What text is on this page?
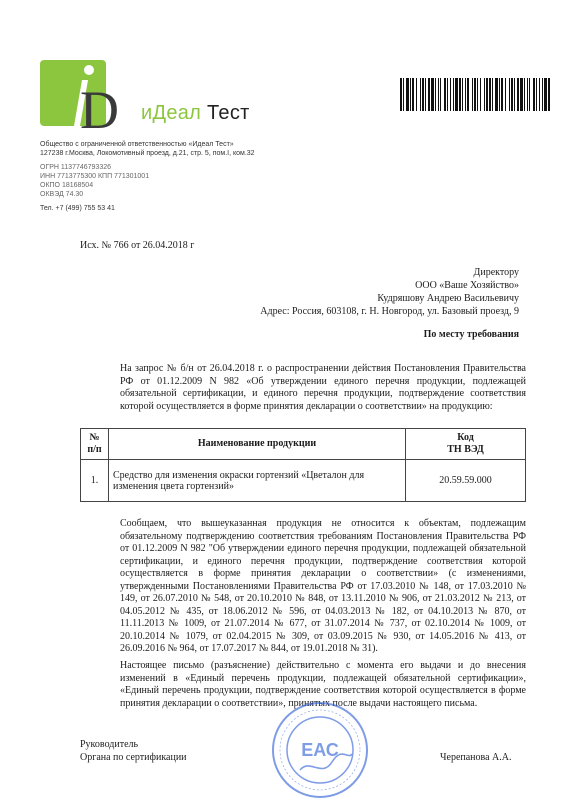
D иДеал Тест
Общество с ограниченной ответственностью «Идеал Тест»
127238 г.Москва, Локомотивный проезд, д.21, стр. 5, пом.I, ком.32
ОГРН 1137746793326
ИНН 7713775300 КПП 771301001
ОКПО 18168504
ОКВЭД 74.30
Тел. +7 (499) 755 53 41
Исх. № 766 от 26.04.2018 г
Директору
ООО «Ваше Хозяйство»
Кудряшову Андрею Васильевичу
Адрес: Россия, 603108, г. Н. Новгород, ул. Базовый проезд, 9
По месту требования
На запрос № б/н от 26.04.2018 г. о распространении действия Постановления Правительства РФ от 01.12.2009 N 982 «Об утверждении единого перечня продукции, подлежащей обязательной сертификации, и единого перечня продукции, подтверждение соответствия которой осуществляется в форме принятия декларации о соответствии» на продукцию:
№ п/п	Наименование продукции	Код
ТН ВЭД

1.	Средство для изменения окраски гортензий «Цветалон для изменения цвета гортензий»	20.59.59.000
Сообщаем, что вышеуказанная продукция не относится к объектам, подлежащим обязательному подтверждению соответствия требованиям Постановления Правительства РФ от 01.12.2009 N 982 "Об утверждении единого перечня продукции, подлежащей обязательной сертификации, и единого перечня продукции, подтверждение соответствия которой осуществляется в форме принятия декларации о соответствии» (с изменениями, утвержденными Постановлениями Правительства РФ от 17.03.2010 № 148, от 17.03.2010 № 149, от 26.07.2010 № 548, от 20.10.2010 № 848, от 13.11.2010 № 906, от 21.03.2012 № 213, от 04.05.2012 № 435, от 18.06.2012 № 596, от 04.03.2013 № 182, от 04.10.2013 № 870, от 11.11.2013 № 1009, от 21.07.2014 № 677, от 31.07.2014 № 737, от 02.10.2014 № 1009, от 20.10.2014 № 1079, от 02.04.2015 № 309, от 03.09.2015 № 930, от 14.05.2016 № 413, от 26.09.2016 № 964, от 17.07.2017 № 844, от 19.01.2018 № 31).
Настоящее письмо (разъяснение) действительно с момента его выдачи и до внесения изменений в «Единый перечень продукции, подлежащей обязательной сертификации», «Единый перечень продукции, подтверждение соответствия которой осуществляется в форме принятия декларации о соответствии», принятых после выдачи настоящего письма.
ЕАС
Руководитель
Органа по сертификации	Черепанова А.А.
